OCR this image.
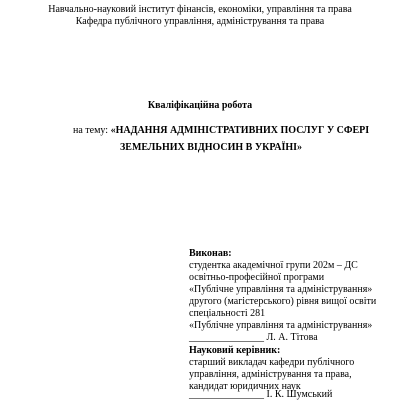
Навчально-науковий інститут фінансів, економіки, управління та права
Кафедра публічного управління, адміністрування та права
Кваліфікаційна робота
на тему: «НАДАННЯ АДМІНІСТРАТИВНИХ ПОСЛУГ У СФЕРІ
ЗЕМЕЛЬНИХ ВІДНОСИН В УКРАЇНІ»
Виконав:
студентка академічної групи 202м – ДС
освітньо-професійної програми
«Публічне управління та адміністрування»
другого (магістерського) рівня вищої освіти
спеціальності 281
«Публічне управління та адміністрування»
_______________ Л. А. Тітова
Науковий керівник:
старший викладач кафедри публічного
управління, адміністрування та права,
кандидат юридичних наук
_______________ І. К. Шумський
